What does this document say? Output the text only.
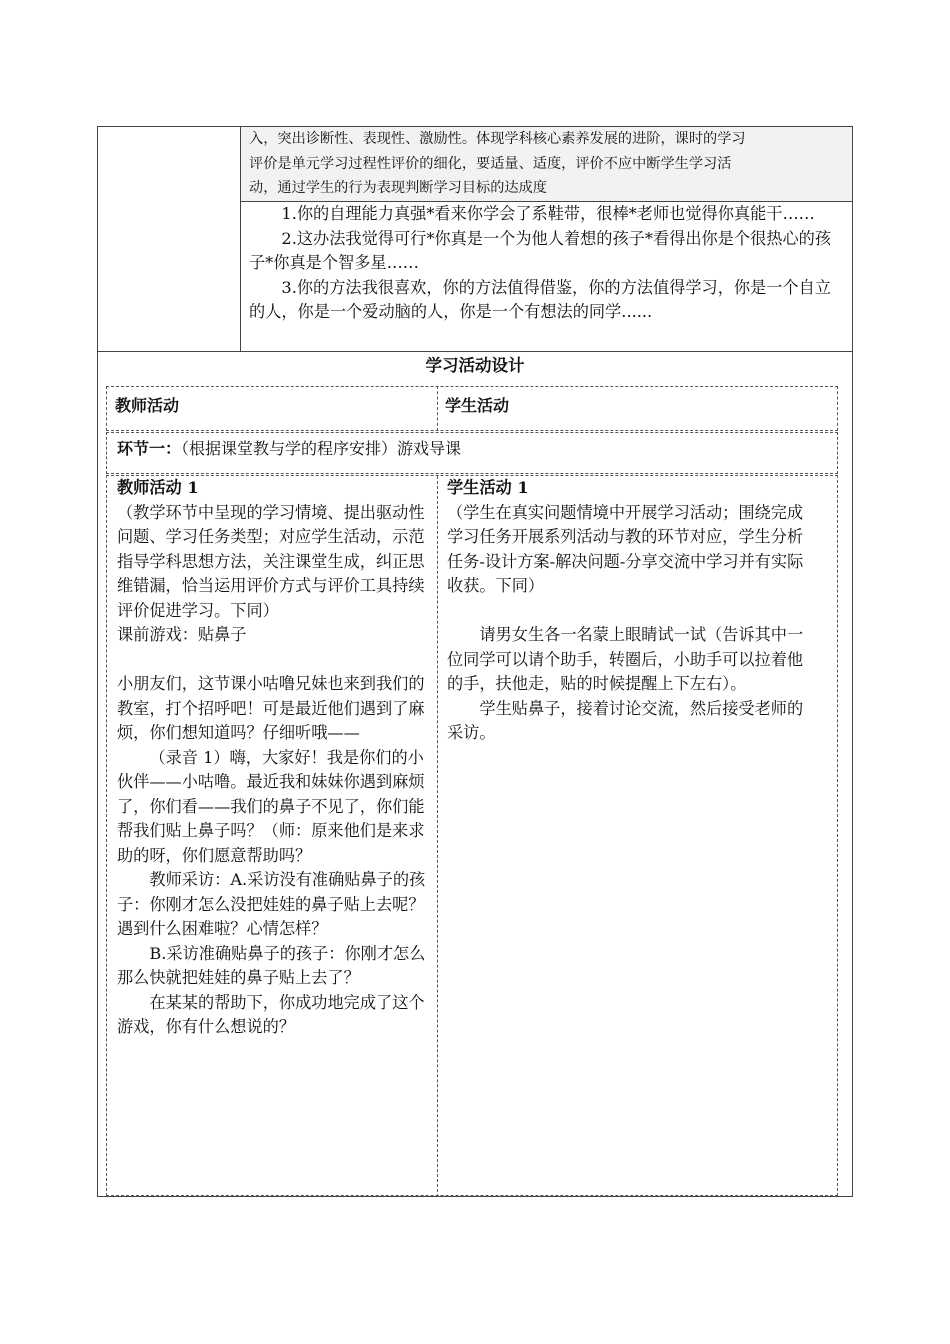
入，突出诊断性、表现性、激励性。体现学科核心素养发展的进阶，课时的学习

评价是单元学习过程性评价的细化，要适量、适度，评价不应中断学生学习活

动，通过学生的行为表现判断学习目标的达成度

1.你的自理能力真强*看来你学会了系鞋带，很棒*老师也觉得你真能干……

2.这办法我觉得可行*你真是一个为他人着想的孩子*看得出你是个很热心的孩子*你真是个智多星……

3.你的方法我很喜欢，你的方法值得借鉴，你的方法值得学习，你是一个自立的人，你是一个爱动脑的人，你是一个有想法的同学......

学习活动设计
教师活动	学生活动
环节一：（根据课堂教与学的程序安排）游戏导课

教师活动 1

（教学环节中呈现的学习情境、提出驱动性问题、学习任务类型；对应学生活动，示范指导学科思想方法，关注课堂生成，纠正思维错漏，恰当运用评价方式与评价工具持续评价促进学习。下同）

课前游戏：贴鼻子

小朋友们，这节课小咕噜兄妹也来到我们的教室，打个招呼吧！可是最近他们遇到了麻烦，你们想知道吗？仔细听哦——

（录音 1）嗨，大家好！我是你们的小伙伴——小咕噜。最近我和妹妹你遇到麻烦了，你们看——我们的鼻子不见了，你们能帮我们贴上鼻子吗？（师：原来他们是来求助的呀，你们愿意帮助吗？

教师采访：A.采访没有准确贴鼻子的孩子：你刚才怎么没把娃娃的鼻子贴上去呢？遇到什么困难啦？心情怎样？

B.采访准确贴鼻子的孩子：你刚才怎么那么快就把娃娃的鼻子贴上去了？

在某某的帮助下，你成功地完成了这个游戏，你有什么想说的？

学生活动 1

（学生在真实问题情境中开展学习活动；围绕完成学习任务开展系列活动与教的环节对应，学生分析任务-设计方案-解决问题-分享交流中学习并有实际收获。下同）

请男女生各一名蒙上眼睛试一试（告诉其中一位同学可以请个助手，转圈后，小助手可以拉着他的手，扶他走，贴的时候提醒上下左右）。

学生贴鼻子，接着讨论交流，然后接受老师的采访。
